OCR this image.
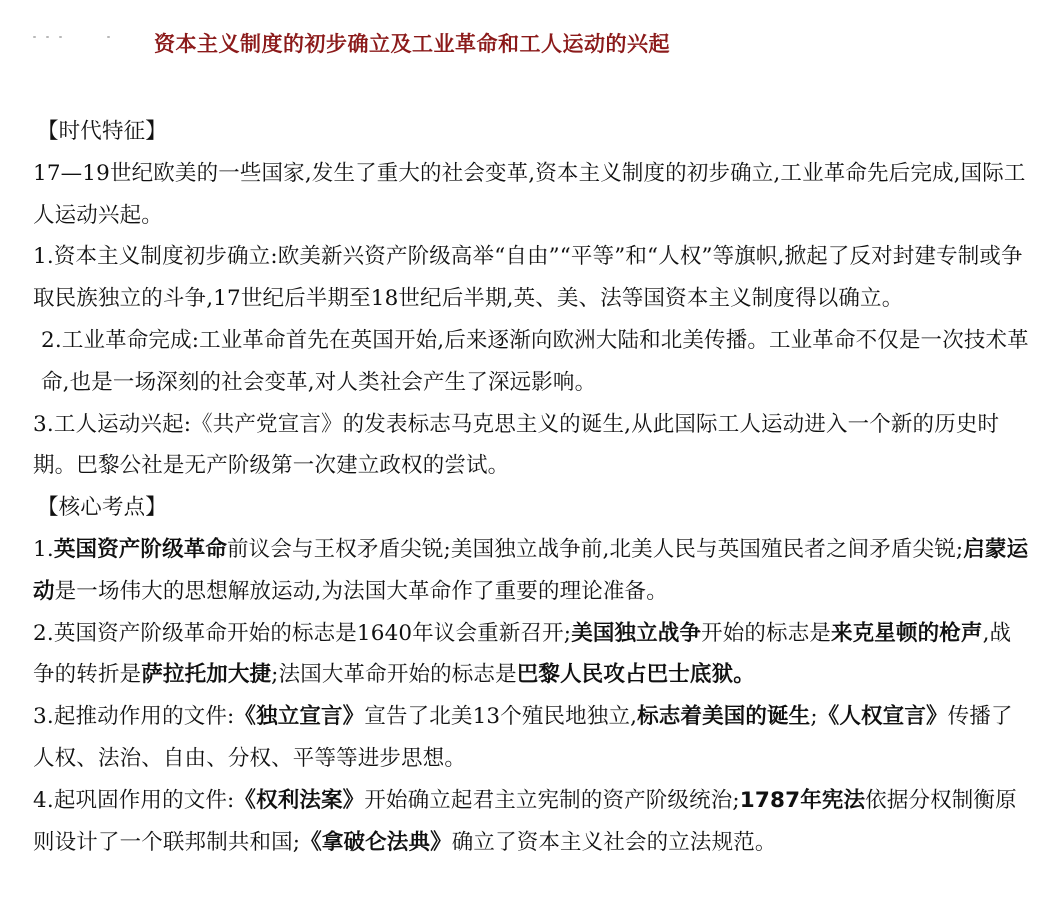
资本主义制度的初步确立及工业革命和工人运动的兴起

【时代特征】

17—19世纪欧美的一些国家,发生了重大的社会变革,资本主义制度的初步确立,工业革命先后完成,国际工人运动兴起。

1.资本主义制度初步确立:欧美新兴资产阶级高举“自由”“平等”和“人权”等旗帜,掀起了反对封建专制或争取民族独立的斗争,17世纪后半期至18世纪后半期,英、美、法等国资本主义制度得以确立。

2.工业革命完成:工业革命首先在英国开始,后来逐渐向欧洲大陆和北美传播。工业革命不仅是一次技术革命,也是一场深刻的社会变革,对人类社会产生了深远影响。

3.工人运动兴起:《共产党宣言》的发表标志马克思主义的诞生,从此国际工人运动进入一个新的历史时期。巴黎公社是无产阶级第一次建立政权的尝试。

【核心考点】

1.英国资产阶级革命前议会与王权矛盾尖锐;美国独立战争前,北美人民与英国殖民者之间矛盾尖锐;启蒙运动是一场伟大的思想解放运动,为法国大革命作了重要的理论准备。

2.英国资产阶级革命开始的标志是1640年议会重新召开;美国独立战争开始的标志是来克星顿的枪声,战争的转折是萨拉托加大捷;法国大革命开始的标志是巴黎人民攻占巴士底狱。

3.起推动作用的文件:《独立宣言》宣告了北美13个殖民地独立,标志着美国的诞生;《人权宣言》传播了人权、法治、自由、分权、平等等进步思想。

4.起巩固作用的文件:《权利法案》开始确立起君主立宪制的资产阶级统治;1787年宪法依据分权制衡原则设计了一个联邦制共和国;《拿破仑法典》确立了资本主义社会的立法规范。
